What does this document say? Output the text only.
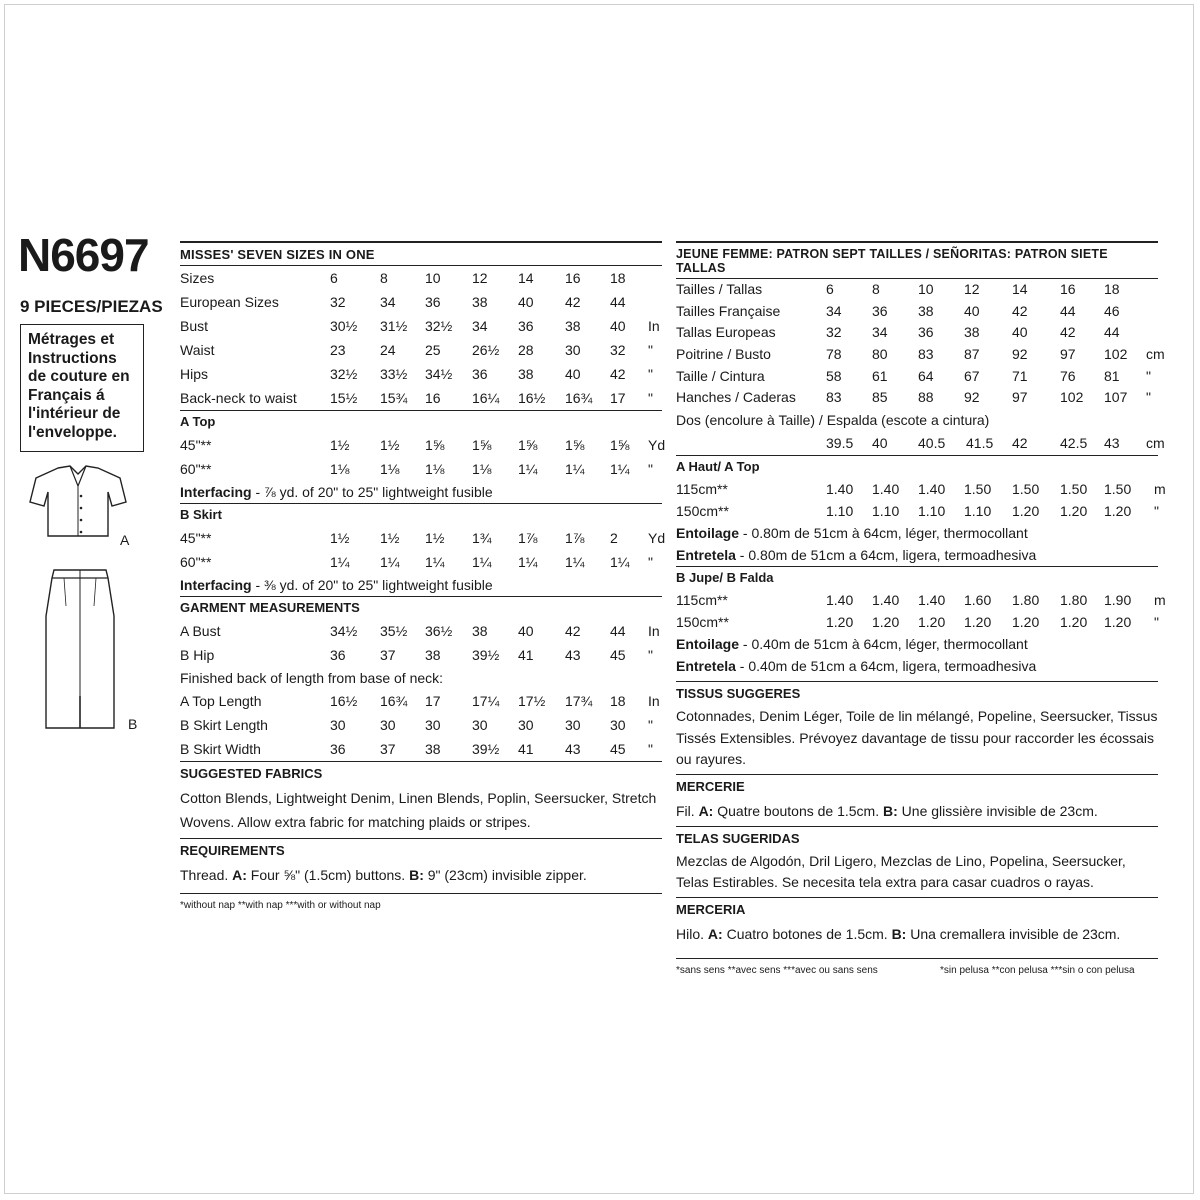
N6697
9 PIECES/PIEZAS
Métrages et Instructions de couture en Français á l'intérieur de l'enveloppe.
A
B
MISSES' SEVEN SIZES IN ONE
Sizes	6	8	10 12 14 16 18
European Sizes	32 34 36 38 40 42 44
Bust	30½ 31½ 32½ 34 36 38 40 In
Waist	23 24 25 26½ 28 30 32 "
Hips	32½ 33½ 34½ 36 38 40 42 "
Back-neck to waist 15½ 15¾ 16 16¼ 16½ 16¾ 17 "
A Top
45"**	1½ 1½ 1⅝ 1⅝ 1⅝ 1⅝ 1⅝ Yd
60"**	1⅛ 1⅛ 1⅛ 1⅛ 1¼ 1¼ 1¼ "
Interfacing - ⅞ yd. of 20" to 25" lightweight fusible
B Skirt
45"**	1½ 1½ 1½ 1¾ 1⅞ 1⅞ 2 Yd
60"**	1¼ 1¼ 1¼ 1¼ 1¼ 1¼ 1¼ "
Interfacing - ⅜ yd. of 20" to 25" lightweight fusible
GARMENT MEASUREMENTS
A Bust	34½ 35½ 36½ 38 40 42 44 In
B Hip	36 37 38 39½ 41 43 45 "
Finished back of length from base of neck:
A Top Length	16½ 16¾ 17 17¼ 17½ 17¾ 18 In
B Skirt Length	30 30 30 30 30 30 30 "
B Skirt Width	36 37 38 39½ 41 43 45 "
SUGGESTED FABRICS
Cotton Blends, Lightweight Denim, Linen Blends, Poplin, Seersucker, Stretch Wovens. Allow extra fabric for matching plaids or stripes.
REQUIREMENTS
Thread. A: Four ⅝" (1.5cm) buttons. B: 9" (23cm) invisible zipper.
*without nap **with nap ***with or without nap
JEUNE FEMME: PATRON SEPT TAILLES / SEÑORITAS: PATRON SIETE TALLAS
Tailles / Tallas	6	8	10 12 14 16 18
Tailles Française	34 36 38 40 42 44 46
Tallas Europeas	32 34 36 38 40 42 44
Poitrine / Busto	78 80 83 87 92 97 102 cm
Taille / Cintura	58 61 64 67 71 76 81 "
Hanches / Caderas 83 85 88 92 97 102 107 "
Dos (encolure à Taille) / Espalda (escote a cintura)
39.5 40 40.5 41.5 42 42.5 43 cm
A Haut/ A Top
115cm**	1.40 1.40 1.40 1.50 1.50 1.50 1.50 m
150cm**	1.10 1.10 1.10 1.10 1.20 1.20 1.20 "
Entoilage - 0.80m de 51cm à 64cm, léger, thermocollant
Entretela - 0.80m de 51cm a 64cm, ligera, termoadhesiva
B Jupe/ B Falda
115cm**	1.40 1.40 1.40 1.60 1.80 1.80 1.90 m
150cm**	1.20 1.20 1.20 1.20 1.20 1.20 1.20 "
Entoilage - 0.40m de 51cm à 64cm, léger, thermocollant
Entretela - 0.40m de 51cm a 64cm, ligera, termoadhesiva
TISSUS SUGGERES
Cotonnades, Denim Léger, Toile de lin mélangé, Popeline, Seersucker, Tissus Tissés Extensibles. Prévoyez davantage de tissu pour raccorder les écossais ou rayures.
MERCERIE
Fil. A: Quatre boutons de 1.5cm. B: Une glissière invisible de 23cm.
TELAS SUGERIDAS
Mezclas de Algodón, Dril Ligero, Mezclas de Lino, Popelina, Seersucker, Telas Estirables. Se necesita tela extra para casar cuadros o rayas.
MERCERIA
Hilo. A: Cuatro botones de 1.5cm. B: Una cremallera invisible de 23cm.
*sans sens **avec sens ***avec ou sans sens	*sin pelusa **con pelusa ***sin o con pelusa
